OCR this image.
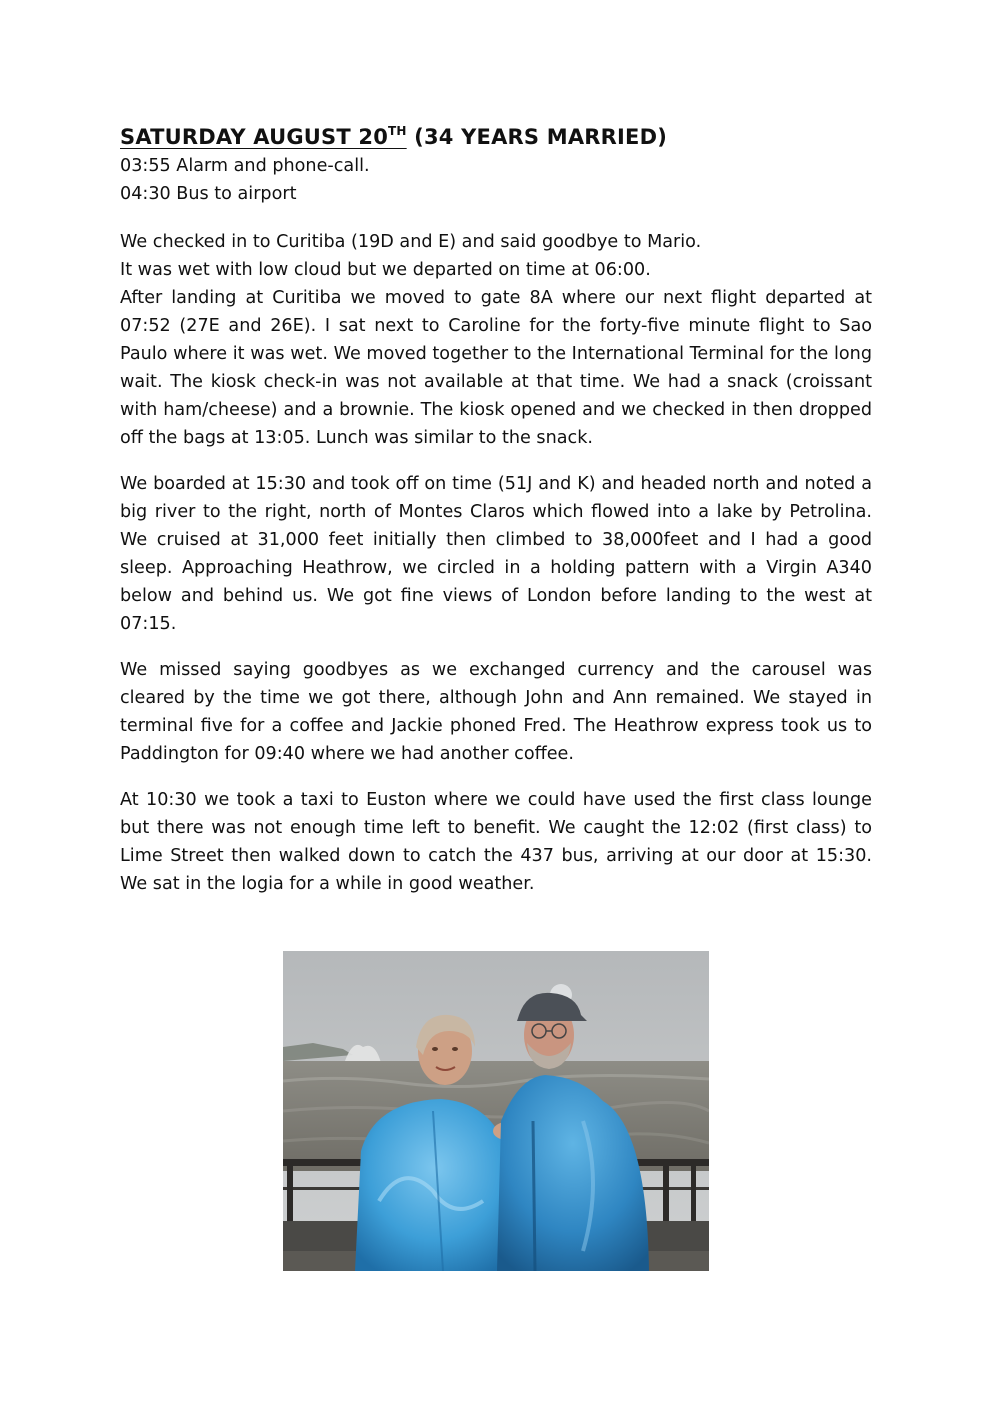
SATURDAY AUGUST 20TH (34 YEARS MARRIED)

03:55 Alarm and phone-call.

04:30 Bus to airport

We checked in to Curitiba (19D and E) and said goodbye to Mario.

It was wet with low cloud but we departed on time at 06:00.

After landing at Curitiba we moved to gate 8A where our next flight departed at 07:52 (27E and 26E). I sat next to Caroline for the forty-five minute flight to Sao Paulo where it was wet. We moved together to the International Terminal for the long wait. The kiosk check-in was not available at that time. We had a snack (croissant with ham/cheese) and a brownie. The kiosk opened and we checked in then dropped off the bags at 13:05. Lunch was similar to the snack.

We boarded at 15:30 and took off on time (51J and K) and headed north and noted a big river to the right, north of Montes Claros which flowed into a lake by Petrolina. We cruised at 31,000 feet initially then climbed to 38,000feet and I had a good sleep. Approaching Heathrow, we circled in a holding pattern with a Virgin A340 below and behind us. We got fine views of London before landing to the west at 07:15.

We missed saying goodbyes as we exchanged currency and the carousel was cleared by the time we got there, although John and Ann remained. We stayed in terminal five for a coffee and Jackie phoned Fred. The Heathrow express took us to Paddington for 09:40 where we had another coffee.

At 10:30 we took a taxi to Euston where we could have used the first class lounge but there was not enough time left to benefit. We caught the 12:02 (first class) to Lime Street then walked down to catch the 437 bus, arriving at our door at 15:30. We sat in the logia for a while in good weather.
